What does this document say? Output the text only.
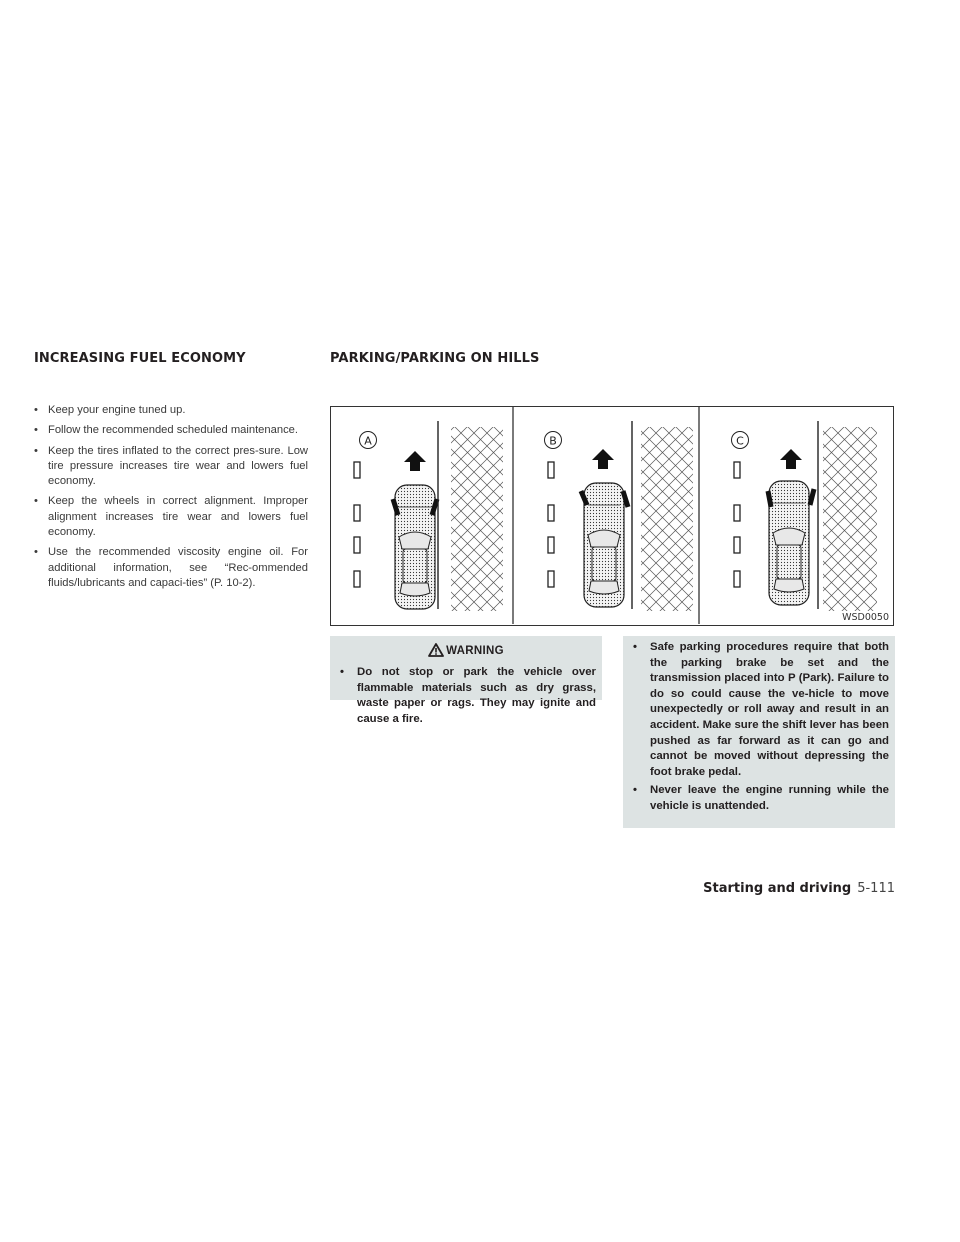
INCREASING FUEL ECONOMY	PARKING/PARKING ON HILLS
• Keep your engine tuned up.
• Follow the recommended scheduled maintenance.
• Keep the tires inflated to the correct pres-sure. Low tire pressure increases tire wear and lowers fuel economy.
• Keep the wheels in correct alignment. Improper alignment increases tire wear and lowers fuel economy.
• Use the recommended viscosity engine oil. For additional information, see “Rec-ommended fluids/lubricants and capaci-ties” (P. 10-2).
A	B	C
WSD0050
WARNING
• Do not stop or park the vehicle over flammable materials such as dry grass, waste paper or rags. They may ignite and cause a fire.
• Safe parking procedures require that both the parking brake be set and the transmission placed into P (Park). Failure to do so could cause the ve-hicle to move unexpectedly or roll away and result in an accident. Make sure the shift lever has been pushed as far forward as it can go and cannot be moved without depressing the foot brake pedal.
• Never leave the engine running while the vehicle is unattended.
Starting and driving 5-111
